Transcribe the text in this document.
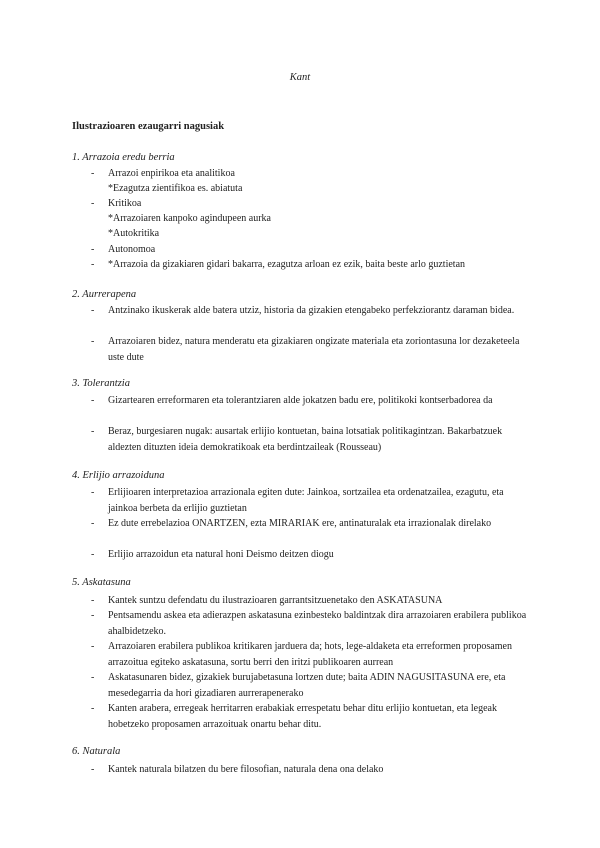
Kant
Ilustrazioaren ezaugarri nagusiak
1. Arrazoia eredu berria
- Arrazoi enpirikoa eta analitikoa
*Ezagutza zientifikoa es. abiatuta
- Kritikoa
*Arrazoiaren kanpoko agindupeen aurka
*Autokritika
- Autonomoa
- *Arrazoia da gizakiaren gidari bakarra, ezagutza arloan ez ezik, baita beste arlo guztietan
2. Aurrerapena
- Antzinako ikuskerak alde batera utziz, historia da gizakien etengabeko perfekziorantz daraman bidea.
- Arrazoiaren bidez, natura menderatu eta gizakiaren ongizate materiala eta zoriontasuna lor dezaketeela uste dute
3. Tolerantzia
- Gizartearen erreformaren eta tolerantziaren alde jokatzen badu ere, politikoki kontserbadorea da
- Beraz, burgesiaren nugak: ausartak erlijio kontuetan, baina lotsatiak politikagintzan. Bakarbatzuek aldezten dituzten ideia demokratikoak eta berdintzaileak (Rousseau)
4. Erlijio arrazoiduna
- Erlijioaren interpretazioa arrazionala egiten dute: Jainkoa, sortzailea eta ordenatzailea, ezagutu, eta jainkoa berbeta da erlijio guztietan
- Ez dute errebelazioa ONARTZEN, ezta MIRARIAK ere, antinaturalak eta irrazionalak direlako
- Erlijio arrazoidun eta natural honi Deismo deitzen diogu
5. Askatasuna
- Kantek suntzu defendatu du ilustrazioaren garrantsitzuenetako den ASKATASUNA
- Pentsamendu askea eta adierazpen askatasuna ezinbesteko baldintzak dira arrazoiaren erabilera publikoa ahalbidetzeko.
- Arrazoiaren erabilera publikoa kritikaren jarduera da; hots, lege-aldaketa eta erreformen proposamen arrazoitua egiteko askatasuna, sortu berri den iritzi publikoaren aurrean
- Askatasunaren bidez, gizakiek burujabetasuna lortzen dute; baita ADIN NAGUSITASUNA ere, eta mesedegarria da hori gizadiaren aurrerapenerako
- Kanten arabera, erregeak herritarren erabakiak errespetatu behar ditu erlijio kontuetan, eta legeak hobetzeko proposamen arrazoituak onartu behar ditu.
6. Naturala
- Kantek naturala bilatzen du bere filosofian, naturala dena ona delako
